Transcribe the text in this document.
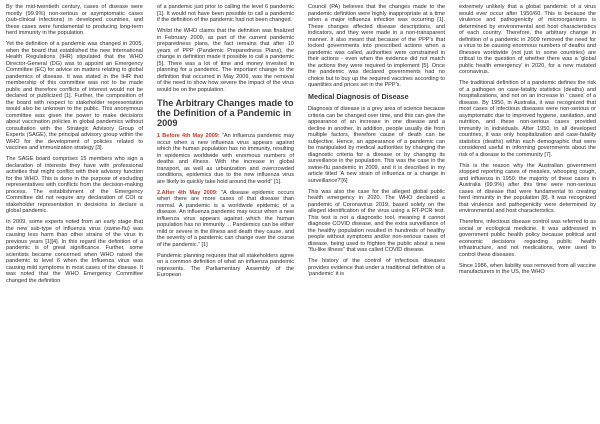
By the mid-twentieth century, cases of disease were mostly (99.9%) non-serious or asymptomatic cases (sub-clinical infections) in developed countries, and these cases were fundamental to producing long-term herd immunity in the population.

Yet the definition of a pandemic was changed in 2005, when the board that established the new International Health Regulations (IHR) stipulated that the WHO Director-General (DG) was to appoint an Emergency Committee (EC) for advice on matters relating to global pandemics of disease. It was stated in the IHR that membership of this committee was not to be made public and therefore conflicts of interest would not be declared or publicized [1]. Further, the composition of the board with respect to stakeholder representation would also be unknown to the public. This anonymous committee was given the power to make decisions about vaccination policies in global pandemics without consultation with the Strategic Advisory Group of Experts (SAGE), the principal advisory group within the WHO for the development of policies related to vaccines and immunization strategy [3].

The SAGE board comprises 15 members who sign a declaration of interests they have with professional activities that might conflict with their advisory function for the WHO. This is done in the purpose of excluding representatives with conflicts from the decision-making process. The establishment of the Emergency Committee did not require any declaration of COI or stakeholder representation in decisions to declare a global pandemic.

In 2009, some experts noted from an early stage that the new sub-type of influenza virus (swine-flu) was causing less harm than other strains of the virus in previous years [1][4]. In this regard the definition of a pandemic is of great significance. Further, some scientists became concerned when WHO raised the pandemic to level 6 when the Influenza virus was causing mild symptoms in most cases of the disease. It was noted that the WHO Emergency Committee changed the definition

of a pandemic just prior to calling the level 6 pandemic [1]. It would not have been possible to call a pandemic if the definition of the pandemic had not been changed.

Whilst the WHO claims that the definition was finalized in February 2009, as part of the current pandemic preparedness plans, the fact remains that after 10 years of PPP (Pandemic Preparedness Plans), the change in definition made it possible to call a pandemic [5]. There was a lot of time and money invested in planning for a pandemic. The important change to the definition that occurred in May 2009, was the removal of the need to show how severe the impact of the virus would be on the population.

The Arbitrary Changes made to the Definition of a Pandemic in 2009

1 Before 4th May 2009: "An influenza pandemic may occur when a new influenza virus appears against which the human population has no immunity, resulting in epidemics worldwide with enormous numbers of deaths and illness. With the increase in global transport, as well as urbanization and overcrowded conditions, epidemics due to the new influenza virus are likely to quickly take hold around the world" [1].

2.After 4th May 2009: "A disease epidemic occurs when there are more cases of that disease than normal. A pandemic is a worldwide epidemic of a disease. An influenza pandemic may occur when a new influenza virus appears against which the human population has no immunity ... Pandemics can be either mild or severe in the illness and death they cause, and the severity of a pandemic can change over the course of the pandemic." [1]

Pandemic planning requires that all stakeholders agree on a common definition of what an influenza pandemic represents. The Parliamentary Assembly of the European

Council (PA) believes that the changes made to the pandemic definition were highly inappropriate at a time when a major influenza infection was occurring [1]. These changes affected disease descriptions, and indicators, and they were made in a non-transparent manner. It also meant that because of the PPP's that locked governments into prescribed actions when a pandemic was called, authorities were constrained in their actions - even when the evidence did not match the actions they were required to implement [5]. Once the pandemic was declared governments had no choice but to buy up the required vaccines according to quantities and prices set in the PPP's.

Medical Diagnosis of Disease

Diagnosis of disease is a grey area of science because criteria can be changed over time, and this can give the appearance of an increase in one disease and a decline in another. In addition, people usually die from multiple factors, therefore cause of death can be subjective. Hence, an appearance of a pandemic can be manipulated by medical authorities by changing the diagnostic criteria for a disease or by changing its surveillance in the population. This was the case in the swine-flu pandemic in 2009, and it is described in my article titled 'A new strain of influenza or a change in surveillance?'[6]

This was also the case for the alleged global public health emergency in 2020. The WHO declared a pandemic of Coronavirus 2019, based solely on the alleged identification of the virus using a RT-PCR test. This test is not a diagnostic tool, meaning it cannot diagnose COVID disease, and the extra surveillance of the healthy population resulted in hundreds of healthy people without symptoms and/or non-serious cases of disease, being used to frighten the public about a new "flu-like illness" that was called COVID disease.

The history of the control of infectious diseases provides evidence that under a traditional definition of a 'pandemic' it is

extremely unlikely that a global pandemic of a virus would ever occur after 1950/60. This is because the virulence and pathogenicity of microorganisms is determined by environmental and host characteristics of each country. Therefore, the arbitrary change in definition of a pandemic in 2009 removed the need for a virus to be causing enormous numbers of deaths and illnesses worldwide (not just in some countries) are critical to the question of whether there was a 'global public health emergency' in 2020, for a new mutated coronavirus.

The traditional definition of a pandemic defines the risk of a pathogen on case-fatality statistics (deaths) and hospitalizations, and not on an increase in ' cases' of a disease. By 1950, in Australia, it was recognized that most cases of infectious diseases were non-serious or asymptomatic due to improved hygiene, sanitation, and nutrition, and these non-serious cases provided immunity in individuals. After 1950, in all developed countries, it was only hospitalization and case-fatality statistics (deaths) within each demographic that were considered useful in informing governments about the risk of a disease to the community [7].

This is the reason why the Australian government stopped reporting cases of measles, whooping cough, and influenza in 1950: the majority of these cases in Australia (99.9%) after this time were non-serious cases of disease that were fundamental to creating herd immunity in the population [8]. It was recognized that virulence and pathogenicity were determined by environmental and host characteristics.

Therefore, infectious disease control was referred to as social or ecological medicine. It was addressed in government public health policy because political and economic decisions regarding public health infrastructure, and not medications, were used to control these diseases.

Since 1986, when liability was removed from all vaccine manufacturers in the US, the WHO
